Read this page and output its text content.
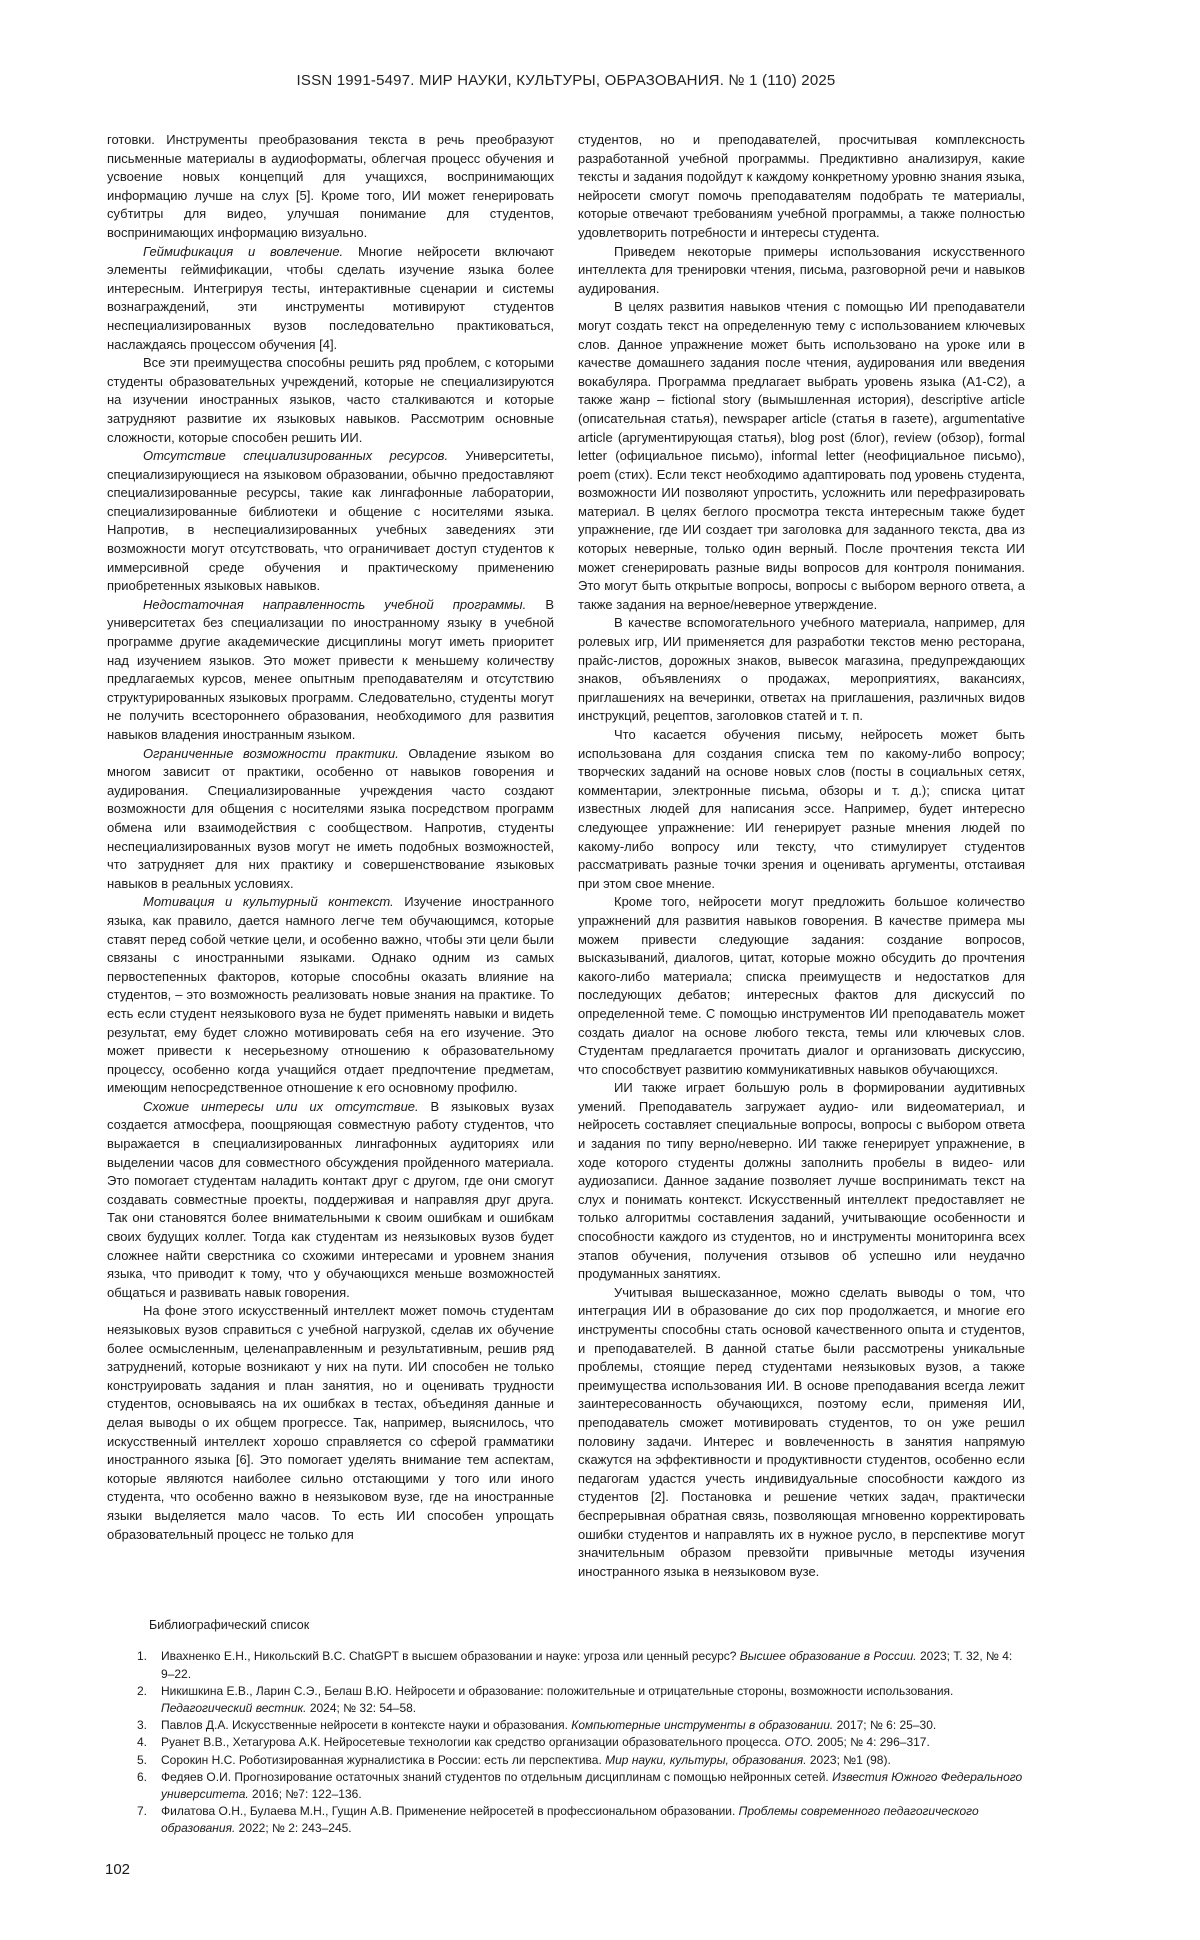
ISSN 1991-5497. МИР НАУКИ, КУЛЬТУРЫ, ОБРАЗОВАНИЯ. № 1 (110) 2025

готовки. Инструменты преобразования текста в речь преобразуют письменные материалы в аудиоформаты, облегчая процесс обучения и усвоение новых концепций для учащихся, воспринимающих информацию лучше на слух [5]. Кроме того, ИИ может генерировать субтитры для видео, улучшая понимание для студентов, воспринимающих информацию визуально.

Геймификация и вовлечение. Многие нейросети включают элементы геймификации, чтобы сделать изучение языка более интересным. Интегрируя тесты, интерактивные сценарии и системы вознаграждений, эти инструменты мотивируют студентов неспециализированных вузов последовательно практиковаться, наслаждаясь процессом обучения [4].

Все эти преимущества способны решить ряд проблем, с которыми студенты образовательных учреждений, которые не специализируются на изучении иностранных языков, часто сталкиваются и которые затрудняют развитие их языковых навыков. Рассмотрим основные сложности, которые способен решить ИИ.

Отсутствие специализированных ресурсов. Университеты, специализирующиеся на языковом образовании, обычно предоставляют специализированные ресурсы, такие как лингафонные лаборатории, специализированные библиотеки и общение с носителями языка. Напротив, в неспециализированных учебных заведениях эти возможности могут отсутствовать, что ограничивает доступ студентов к иммерсивной среде обучения и практическому применению приобретенных языковых навыков.

Недостаточная направленность учебной программы. В университетах без специализации по иностранному языку в учебной программе другие академические дисциплины могут иметь приоритет над изучением языков. Это может привести к меньшему количеству предлагаемых курсов, менее опытным преподавателям и отсутствию структурированных языковых программ. Следовательно, студенты могут не получить всестороннего образования, необходимого для развития навыков владения иностранным языком.

Ограниченные возможности практики. Овладение языком во многом зависит от практики, особенно от навыков говорения и аудирования. Специализированные учреждения часто создают возможности для общения с носителями языка посредством программ обмена или взаимодействия с сообществом. Напротив, студенты неспециализированных вузов могут не иметь подобных возможностей, что затрудняет для них практику и совершенствование языковых навыков в реальных условиях.

Мотивация и культурный контекст. Изучение иностранного языка, как правило, дается намного легче тем обучающимся, которые ставят перед собой четкие цели, и особенно важно, чтобы эти цели были связаны с иностранными языками. Однако одним из самых первостепенных факторов, которые способны оказать влияние на студентов, – это возможность реализовать новые знания на практике. То есть если студент неязыкового вуза не будет применять навыки и видеть результат, ему будет сложно мотивировать себя на его изучение. Это может привести к несерьезному отношению к образовательному процессу, особенно когда учащийся отдает предпочтение предметам, имеющим непосредственное отношение к его основному профилю.

Схожие интересы или их отсутствие. В языковых вузах создается атмосфера, поощряющая совместную работу студентов, что выражается в специализированных лингафонных аудиториях или выделении часов для совместного обсуждения пройденного материала. Это помогает студентам наладить контакт друг с другом, где они смогут создавать совместные проекты, поддерживая и направляя друг друга. Так они становятся более внимательными к своим ошибкам и ошибкам своих будущих коллег. Тогда как студентам из неязыковых вузов будет сложнее найти сверстника со схожими интересами и уровнем знания языка, что приводит к тому, что у обучающихся меньше возможностей общаться и развивать навык говорения.

На фоне этого искусственный интеллект может помочь студентам неязыковых вузов справиться с учебной нагрузкой, сделав их обучение более осмысленным, целенаправленным и результативным, решив ряд затруднений, которые возникают у них на пути. ИИ способен не только конструировать задания и план занятия, но и оценивать трудности студентов, основываясь на их ошибках в тестах, объединяя данные и делая выводы о их общем прогрессе. Так, например, выяснилось, что искусственный интеллект хорошо справляется со сферой грамматики иностранного языка [6]. Это помогает уделять внимание тем аспектам, которые являются наиболее сильно отстающими у того или иного студента, что особенно важно в неязыковом вузе, где на иностранные языки выделяется мало часов. То есть ИИ способен упрощать образовательный процесс не только для

студентов, но и преподавателей, просчитывая комплексность разработанной учебной программы. Предиктивно анализируя, какие тексты и задания подойдут к каждому конкретному уровню знания языка, нейросети смогут помочь преподавателям подобрать те материалы, которые отвечают требованиям учебной программы, а также полностью удовлетворить потребности и интересы студента.

Приведем некоторые примеры использования искусственного интеллекта для тренировки чтения, письма, разговорной речи и навыков аудирования.

В целях развития навыков чтения с помощью ИИ преподаватели могут создать текст на определенную тему с использованием ключевых слов. Данное упражнение может быть использовано на уроке или в качестве домашнего задания после чтения, аудирования или введения вокабуляра. Программа предлагает выбрать уровень языка (A1-C2), а также жанр – fictional story (вымышленная история), descriptive article (описательная статья), newspaper article (статья в газете), argumentative article (аргументирующая статья), blog post (блог), review (обзор), formal letter (официальное письмо), informal letter (неофициальное письмо), poem (стих). Если текст необходимо адаптировать под уровень студента, возможности ИИ позволяют упростить, усложнить или перефразировать материал. В целях беглого просмотра текста интересным также будет упражнение, где ИИ создает три заголовка для заданного текста, два из которых неверные, только один верный. После прочтения текста ИИ может сгенерировать разные виды вопросов для контроля понимания. Это могут быть открытые вопросы, вопросы с выбором верного ответа, а также задания на верное/неверное утверждение.

В качестве вспомогательного учебного материала, например, для ролевых игр, ИИ применяется для разработки текстов меню ресторана, прайс-листов, дорожных знаков, вывесок магазина, предупреждающих знаков, объявлениях о продажах, мероприятиях, вакансиях, приглашениях на вечеринки, ответах на приглашения, различных видов инструкций, рецептов, заголовков статей и т. п.

Что касается обучения письму, нейросеть может быть использована для создания списка тем по какому-либо вопросу; творческих заданий на основе новых слов (посты в социальных сетях, комментарии, электронные письма, обзоры и т. д.); списка цитат известных людей для написания эссе. Например, будет интересно следующее упражнение: ИИ генерирует разные мнения людей по какому-либо вопросу или тексту, что стимулирует студентов рассматривать разные точки зрения и оценивать аргументы, отстаивая при этом свое мнение.

Кроме того, нейросети могут предложить большое количество упражнений для развития навыков говорения. В качестве примера мы можем привести следующие задания: создание вопросов, высказываний, диалогов, цитат, которые можно обсудить до прочтения какого-либо материала; списка преимуществ и недостатков для последующих дебатов; интересных фактов для дискуссий по определенной теме. С помощью инструментов ИИ преподаватель может создать диалог на основе любого текста, темы или ключевых слов. Студентам предлагается прочитать диалог и организовать дискуссию, что способствует развитию коммуникативных навыков обучающихся.

ИИ также играет большую роль в формировании аудитивных умений. Преподаватель загружает аудио- или видеоматериал, и нейросеть составляет специальные вопросы, вопросы с выбором ответа и задания по типу верно/неверно. ИИ также генерирует упражнение, в ходе которого студенты должны заполнить пробелы в видео- или аудиозаписи. Данное задание позволяет лучше воспринимать текст на слух и понимать контекст. Искусственный интеллект предоставляет не только алгоритмы составления заданий, учитывающие особенности и способности каждого из студентов, но и инструменты мониторинга всех этапов обучения, получения отзывов об успешно или неудачно продуманных занятиях.

Учитывая вышесказанное, можно сделать выводы о том, что интеграция ИИ в образование до сих пор продолжается, и многие его инструменты способны стать основой качественного опыта и студентов, и преподавателей. В данной статье были рассмотрены уникальные проблемы, стоящие перед студентами неязыковых вузов, а также преимущества использования ИИ. В основе преподавания всегда лежит заинтересованность обучающихся, поэтому если, применяя ИИ, преподаватель сможет мотивировать студентов, то он уже решил половину задачи. Интерес и вовлеченность в занятия напрямую скажутся на эффективности и продуктивности студентов, особенно если педагогам удастся учесть индивидуальные способности каждого из студентов [2]. Постановка и решение четких задач, практически беспрерывная обратная связь, позволяющая мгновенно корректировать ошибки студентов и направлять их в нужное русло, в перспективе могут значительным образом превзойти привычные методы изучения иностранного языка в неязыковом вузе.

Библиографический список
1. Ивахненко Е.Н., Никольский В.С. ChatGPT в высшем образовании и науке: угроза или ценный ресурс? Высшее образование в России. 2023; Т. 32, № 4: 9–22.
2. Никишкина Е.В., Ларин С.Э., Белаш В.Ю. Нейросети и образование: положительные и отрицательные стороны, возможности использования. Педагогический вестник. 2024; № 32: 54–58.
3. Павлов Д.А. Искусственные нейросети в контексте науки и образования. Компьютерные инструменты в образовании. 2017; № 6: 25–30.
4. Руанет В.В., Хетагурова А.К. Нейросетевые технологии как средство организации образовательного процесса. ОТО. 2005; № 4: 296–317.
5. Сорокин Н.С. Роботизированная журналистика в России: есть ли перспектива. Мир науки, культуры, образования. 2023; №1 (98).
6. Федяев О.И. Прогнозирование остаточных знаний студентов по отдельным дисциплинам с помощью нейронных сетей. Известия Южного Федерального университета. 2016; №7: 122–136.
7. Филатова О.Н., Булаева М.Н., Гущин А.В. Применение нейросетей в профессиональном образовании. Проблемы современного педагогического образования. 2022; № 2: 243–245.
102
